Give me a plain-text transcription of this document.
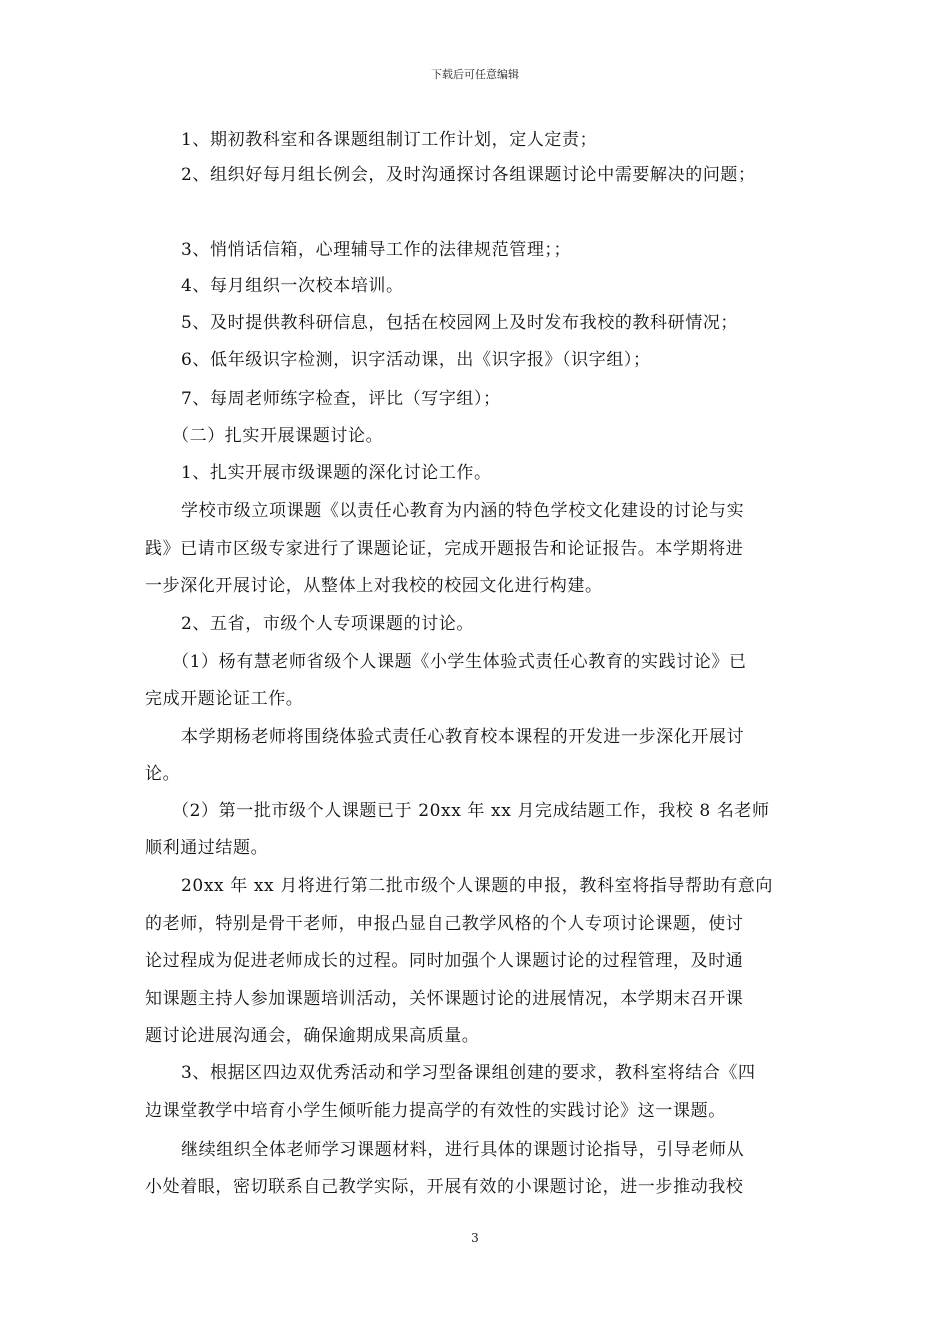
下载后可任意编辑
1、期初教科室和各课题组制订工作计划，定人定责；
2、组织好每月组长例会，及时沟通探讨各组课题讨论中需要解决的问题；
3、悄悄话信箱，心理辅导工作的法律规范管理；；
4、每月组织一次校本培训。
5、及时提供教科研信息，包括在校园网上及时发布我校的教科研情况；
6、低年级识字检测，识字活动课，出《识字报》（识字组）；
7、每周老师练字检查，评比（写字组）；
（二）扎实开展课题讨论。
1、扎实开展市级课题的深化讨论工作。
学校市级立项课题《以责任心教育为内涵的特色学校文化建设的讨论与实
践》已请市区级专家进行了课题论证，完成开题报告和论证报告。本学期将进
一步深化开展讨论，从整体上对我校的校园文化进行构建。
2、五省，市级个人专项课题的讨论。
（1）杨有慧老师省级个人课题《小学生体验式责任心教育的实践讨论》已
完成开题论证工作。
本学期杨老师将围绕体验式责任心教育校本课程的开发进一步深化开展讨
论。
（2）第一批市级个人课题已于 20xx 年 xx 月完成结题工作，我校 8 名老师
顺利通过结题。
20xx 年 xx 月将进行第二批市级个人课题的申报，教科室将指导帮助有意向
的老师，特别是骨干老师，申报凸显自己教学风格的个人专项讨论课题，使讨
论过程成为促进老师成长的过程。同时加强个人课题讨论的过程管理，及时通
知课题主持人参加课题培训活动，关怀课题讨论的进展情况，本学期末召开课
题讨论进展沟通会，确保逾期成果高质量。
3、根据区四边双优秀活动和学习型备课组创建的要求，教科室将结合《四
边课堂教学中培育小学生倾听能力提高学的有效性的实践讨论》这一课题。
继续组织全体老师学习课题材料，进行具体的课题讨论指导，引导老师从
小处着眼，密切联系自己教学实际，开展有效的小课题讨论，进一步推动我校
3
